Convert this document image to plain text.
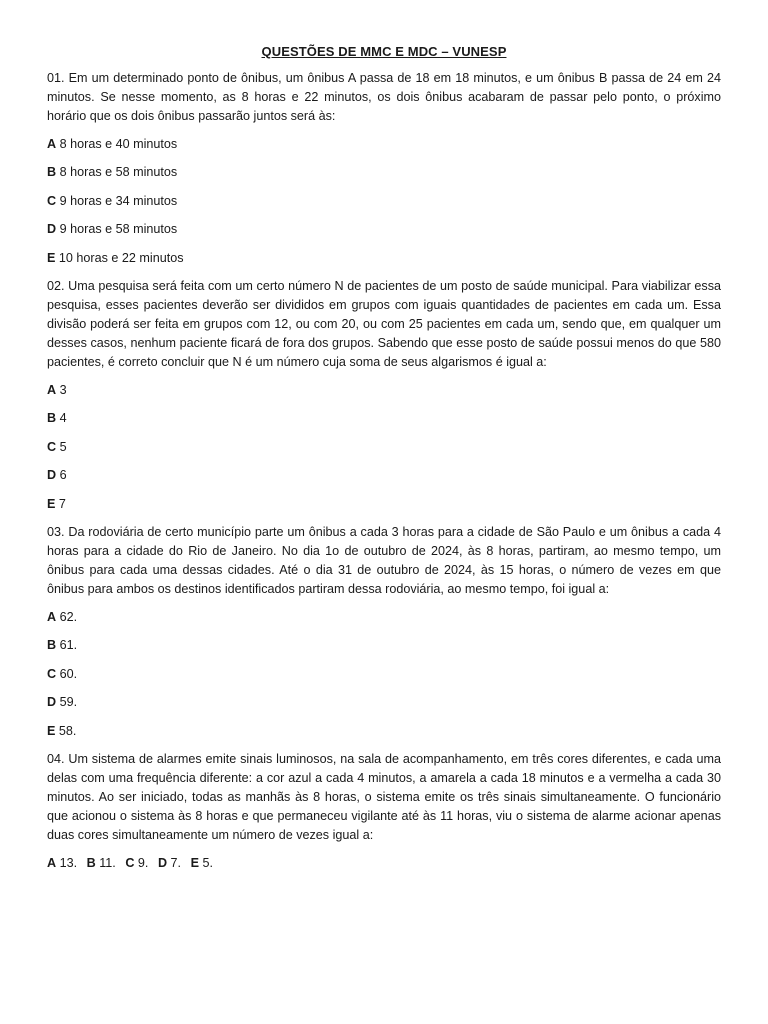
QUESTÕES DE MMC E MDC – VUNESP

01. Em um determinado ponto de ônibus, um ônibus A passa de 18 em 18 minutos, e um ônibus B passa de 24 em 24 minutos. Se nesse momento, as 8 horas e 22 minutos, os dois ônibus acabaram de passar pelo ponto, o próximo horário que os dois ônibus passarão juntos será às:

A 8 horas e 40 minutos

B 8 horas e 58 minutos

C 9 horas e 34 minutos

D 9 horas e 58 minutos

E 10 horas e 22 minutos

02. Uma pesquisa será feita com um certo número N de pacientes de um posto de saúde municipal. Para viabilizar essa pesquisa, esses pacientes deverão ser divididos em grupos com iguais quantidades de pacientes em cada um. Essa divisão poderá ser feita em grupos com 12, ou com 20, ou com 25 pacientes em cada um, sendo que, em qualquer um desses casos, nenhum paciente ficará de fora dos grupos. Sabendo que esse posto de saúde possui menos do que 580 pacientes, é correto concluir que N é um número cuja soma de seus algarismos é igual a:

A 3

B 4

C 5

D 6

E 7

03. Da rodoviária de certo município parte um ônibus a cada 3 horas para a cidade de São Paulo e um ônibus a cada 4 horas para a cidade do Rio de Janeiro. No dia 1o de outubro de 2024, às 8 horas, partiram, ao mesmo tempo, um ônibus para cada uma dessas cidades. Até o dia 31 de outubro de 2024, às 15 horas, o número de vezes em que ônibus para ambos os destinos identificados partiram dessa rodoviária, ao mesmo tempo, foi igual a:

A 62.

B 61.

C 60.

D 59.

E 58.

04. Um sistema de alarmes emite sinais luminosos, na sala de acompanhamento, em três cores diferentes, e cada uma delas com uma frequência diferente: a cor azul a cada 4 minutos, a amarela a cada 18 minutos e a vermelha a cada 30 minutos. Ao ser iniciado, todas as manhãs às 8 horas, o sistema emite os três sinais simultaneamente. O funcionário que acionou o sistema às 8 horas e que permaneceu vigilante até às 11 horas, viu o sistema de alarme acionar apenas duas cores simultaneamente um número de vezes igual a:

A 13. B 11. C 9. D 7. E 5.
